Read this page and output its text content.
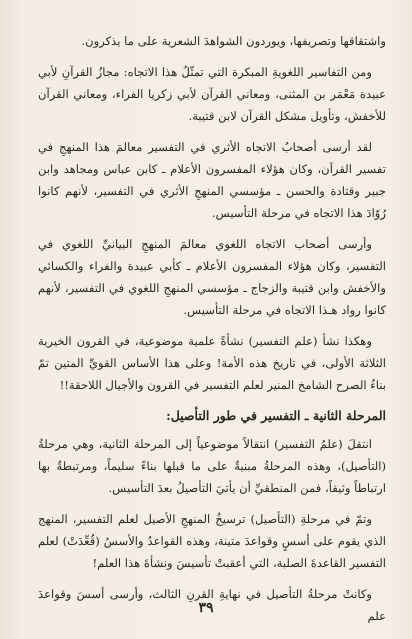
واشتقاقها وتصريفها، ويوردون الشواهدَ الشعرية على ما يذكرون.

ومن التفاسير اللغويةِ المبكرة التي تمثّلُ هذا الاتجاه: مجازُ القرآنِ لأبي عبيدة مَعْمَر بن المثنى، ومعاني القرآن لأبي زكريا الفراء، ومعاني القرآن للأخفش، وتأويل مشكل القرآن لابن قتيبة.

لقد أرسى أصحابُ الاتجاه الأثري في التفسير معالمَ هذا المنهجِ في تفسير القرآن، وكان هؤلاء المفسرون الأعلام ـ كابن عباس ومجاهد وابن جبير وقتادة والحسن ـ مؤسسي المنهجِ الأثري في التفسير، لأنهم كانوا رُوّادَ هذا الاتجاه في مرحلة التأسيس.

وأرسى أصحاب الاتجاه اللغوي معالمَ المنهجِ البيانيِّ اللغوي في التفسير، وكان هؤلاء المفسرون الأعلام ـ كأبي عبيدة والفراء والكسائي والأخفش وابن قتيبة والزجاج ـ مؤسسي المنهجِ اللغوي في التفسير، لأنهم كانوا رواد هـذا الاتجاه في مرحلة التأسيس.

وهكذا نشأ (علم التفسير) نشأةً علمية موضوعية، في القرون الخيرية الثلاثة الأولى، في تاريخ هذه الأمة! وعلى هذا الأساس القويِّ المتين تمّ بناءُ الصرح الشامخ المنير لعلم التفسير في القرون والأجيال اللاحقة!!

المرحلة الثانية ـ التفسير في طور التأصيل:

انتقلَ (علمُ التفسير) انتقالاً موضوعياً إلى المرحلة الثانية، وهي مرحلةُ (التأصيل)، وهذه المرحلةُ مبنيةٌ على ما قبلها بناءً سليماً، ومرتبطةٌ بها ارتباطاً وثيقاً، فمن المنطقيِّ أن يأتيَ التأصيلُ بعدَ التأسيس.

وتمّ في مرحلةِ (التأصيل) ترسيخُ المنهجِ الأصيل لعلم التفسير، المنهج الذي يقوم على أسسٍ وقواعدَ متينة، وهذه القواعدُ والأسسُ (قُعِّدَتْ) لعلم التفسير القاعدةَ الصلبة، التي أعقبتْ تأسيسَ ونشأةَ هذا العلم!

وكانتْ مرحلةُ التأصيل في نهايةِ القرنِ الثالث، وأرسى أسسَ وقواعدَ علم

٣٩
